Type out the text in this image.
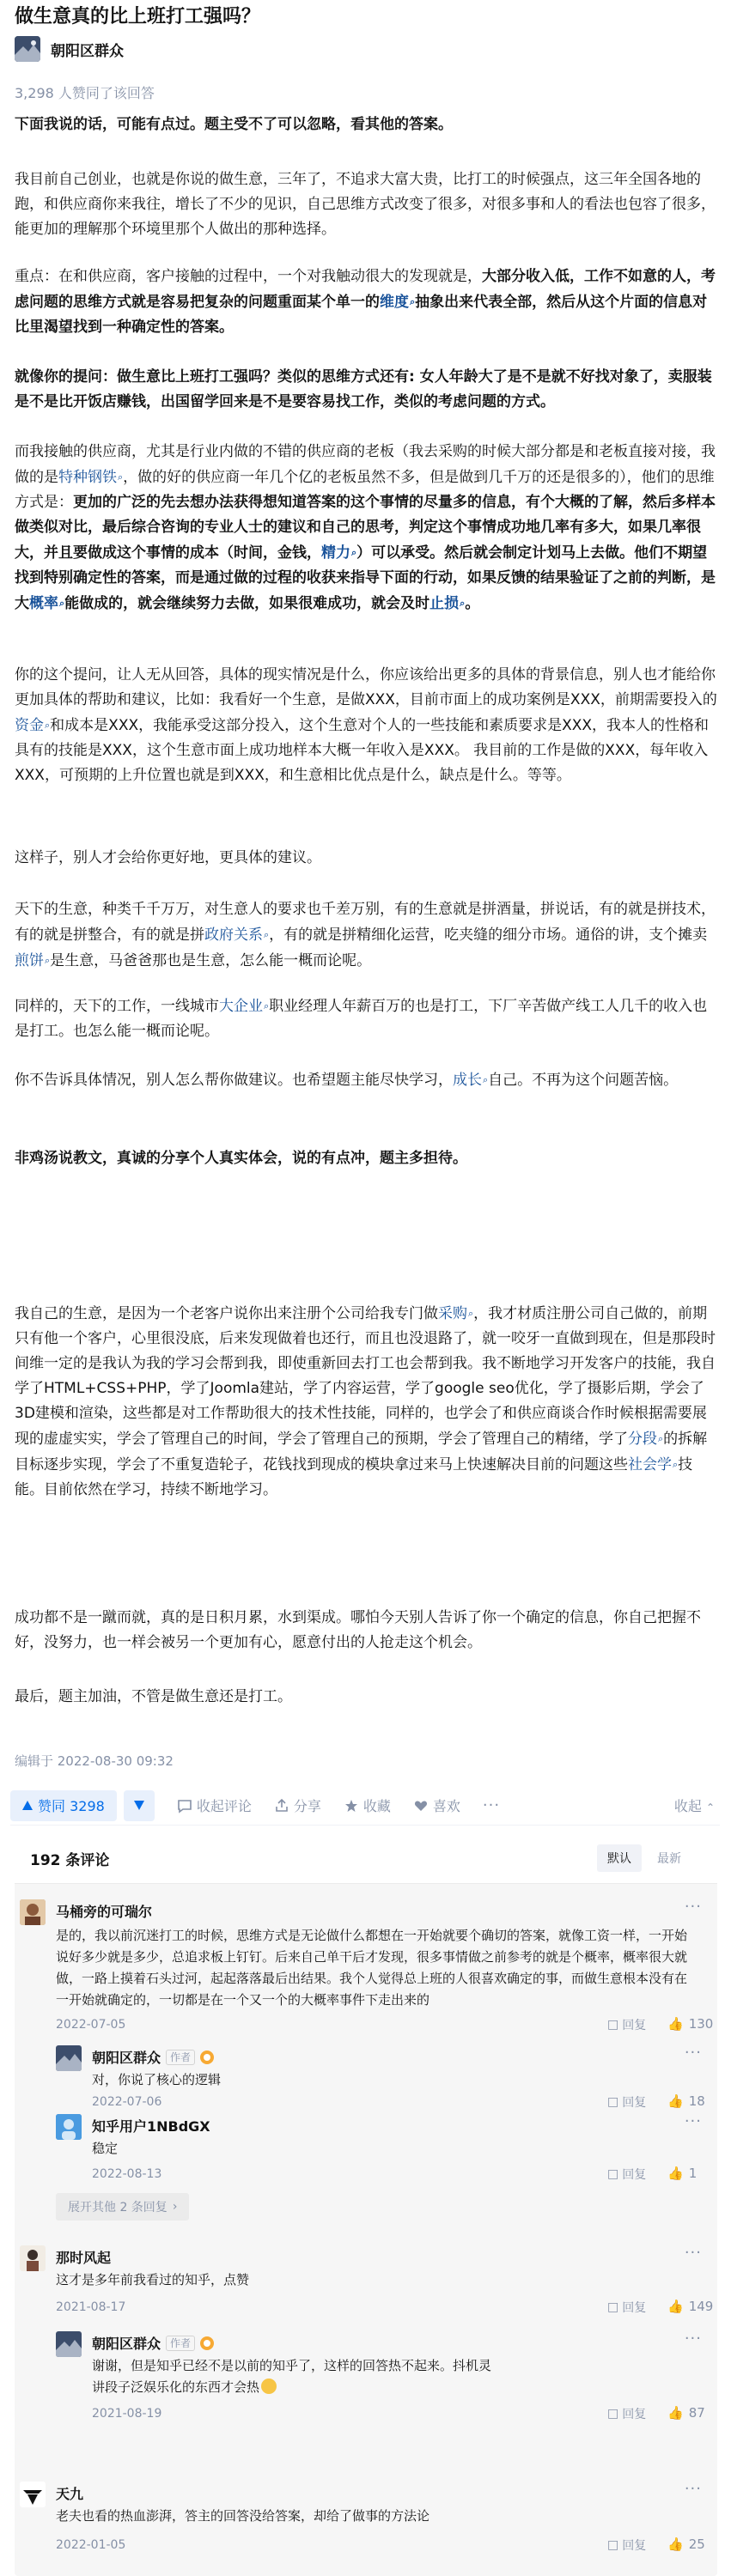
做生意真的比上班打工强吗？
朝阳区群众
3,298 人赞同了该回答

下面我说的话，可能有点过。题主受不了可以忽略，看其他的答案。

我目前自己创业，也就是你说的做生意，三年了，不追求大富大贵，比打工的时候强点，这三年全国各地的跑，和供应商你来我往，增长了不少的见识，自己思维方式改变了很多，对很多事和人的看法也包容了很多，能更加的理解那个环境里那个人做出的那种选择。

重点：在和供应商，客户接触的过程中，一个对我触动很大的发现就是，大部分收入低，工作不如意的人，考虑问题的思维方式就是容易把复杂的问题重面某个单一的维度 ⌕ 抽象出来代表全部，然后从这个片面的信息对比里渴望找到一种确定性的答案。

就像你的提问：做生意比上班打工强吗？类似的思维方式还有: 女人年龄大了是不是就不好找对象了，卖服装是不是比开饭店赚钱，出国留学回来是不是要容易找工作，类似的考虑问题的方式。

而我接触的供应商，尤其是行业内做的不错的供应商的老板（我去采购的时候大部分都是和老板直接对接，我做的是特种钢铁 ⌕ ，做的好的供应商一年几个亿的老板虽然不多，但是做到几千万的还是很多的），他们的思维方式是：更加的广泛的先去想办法获得想知道答案的这个事情的尽量多的信息，有个大概的了解，然后多样本做类似对比，最后综合咨询的专业人士的建议和自己的思考，判定这个事情成功地几率有多大，如果几率很大，并且要做成这个事情的成本（时间，金钱，精力 ⌕ ）可以承受。然后就会制定计划马上去做。他们不期望找到特别确定性的答案，而是通过做的过程的收获来指导下面的行动，如果反馈的结果验证了之前的判断，是大概率 ⌕ 能做成的，就会继续努力去做，如果很难成功，就会及时止损 ⌕ 。

你的这个提问，让人无从回答，具体的现实情况是什么，你应该给出更多的具体的背景信息，别人也才能给你更加具体的帮助和建议，比如：我看好一个生意，是做XXX，目前市面上的成功案例是XXX，前期需要投入的资金 ⌕ 和成本是XXX，我能承受这部分投入，这个生意对个人的一些技能和素质要求是XXX，我本人的性格和具有的技能是XXX，这个生意市面上成功地样本大概一年收入是XXX。 我目前的工作是做的XXX，每年收入XXX，可预期的上升位置也就是到XXX，和生意相比优点是什么，缺点是什么。等等。

这样子，别人才会给你更好地，更具体的建议。

天下的生意，种类千千万万，对生意人的要求也千差万别，有的生意就是拼酒量，拼说话，有的就是拼技术，有的就是拼整合，有的就是拼政府关系 ⌕ ，有的就是拼精细化运营，吃夹缝的细分市场。通俗的讲，支个摊卖煎饼 ⌕ 是生意，马爸爸那也是生意，怎么能一概而论呢。

同样的，天下的工作，一线城市大企业 ⌕ 职业经理人年薪百万的也是打工，下厂辛苦做产线工人几千的收入也是打工。也怎么能一概而论呢。

你不告诉具体情况，别人怎么帮你做建议。也希望题主能尽快学习，成长 ⌕ 自己。不再为这个问题苦恼。

非鸡汤说教文，真诚的分享个人真实体会，说的有点冲，题主多担待。

我自己的生意，是因为一个老客户说你出来注册个公司给我专门做采购 ⌕ ，我才材质注册公司自己做的，前期只有他一个客户，心里很没底，后来发现做着也还行，而且也没退路了，就一咬牙一直做到现在，但是那段时间维一定的是我认为我的学习会帮到我，即使重新回去打工也会帮到我。我不断地学习开发客户的技能，我自学了HTML+CSS+PHP，学了Joomla建站，学了内容运营，学了google seo优化，学了摄影后期，学会了3D建模和渲染，这些都是对工作帮助很大的技术性技能，同样的，也学会了和供应商谈合作时候根据需要展现的虚虚实实，学会了管理自己的时间，学会了管理自己的预期，学会了管理自己的精绪，学了分段 ⌕ 的拆解目标逐步实现，学会了不重复造轮子，花钱找到现成的模块拿过来马上快速解决目前的问题这些社会学 ⌕ 技能。目前依然在学习，持续不断地学习。

成功都不是一蹴而就，真的是日积月累，水到渠成。哪怕今天别人告诉了你一个确定的信息，你自己把握不好，没努力，也一样会被另一个更加有心，愿意付出的人抢走这个机会。

最后，题主加油，不管是做生意还是打工。

编辑于 2022-08-30 09:32
赞同 3298	收起评论	分享	收藏	喜欢 ···	收起 ⌃
192 条评论	默认	最新
马桶旁的可瑞尔	···
是的，我以前沉迷打工的时候，思维方式是无论做什么都想在一开始就要个确切的答案，就像工资一样，一开始说好多少就是多少，总追求板上钉钉。后来自己单干后才发现，很多事情做之前参考的就是个概率，概率很大就做，一路上摸着石头过河，起起落落最后出结果。我个人觉得总上班的人很喜欢确定的事，而做生意根本没有在一开始就确定的，一切都是在一个又一个的大概率事件下走出来的
2022-07-05	□ 回复 👍 130
朝阳区群众 作者	···
对，你说了核心的逻辑
2022-07-06	□ 回复 👍 18
知乎用户1NBdGX	···
稳定
2022-08-13	□ 回复 👍 1
展开其他 2 条回复 ›
那时风起	···
这才是多年前我看过的知乎，点赞
2021-08-17	□ 回复 👍 149
朝阳区群众 作者	···
谢谢，但是知乎已经不是以前的知乎了，这样的回答热不起来。抖机灵讲段子泛娱乐化的东西才会热
2021-08-19	□ 回复 👍 87
天九	···
老夫也看的热血澎湃，答主的回答没给答案，却给了做事的方法论
2022-01-05	□ 回复 👍 25
